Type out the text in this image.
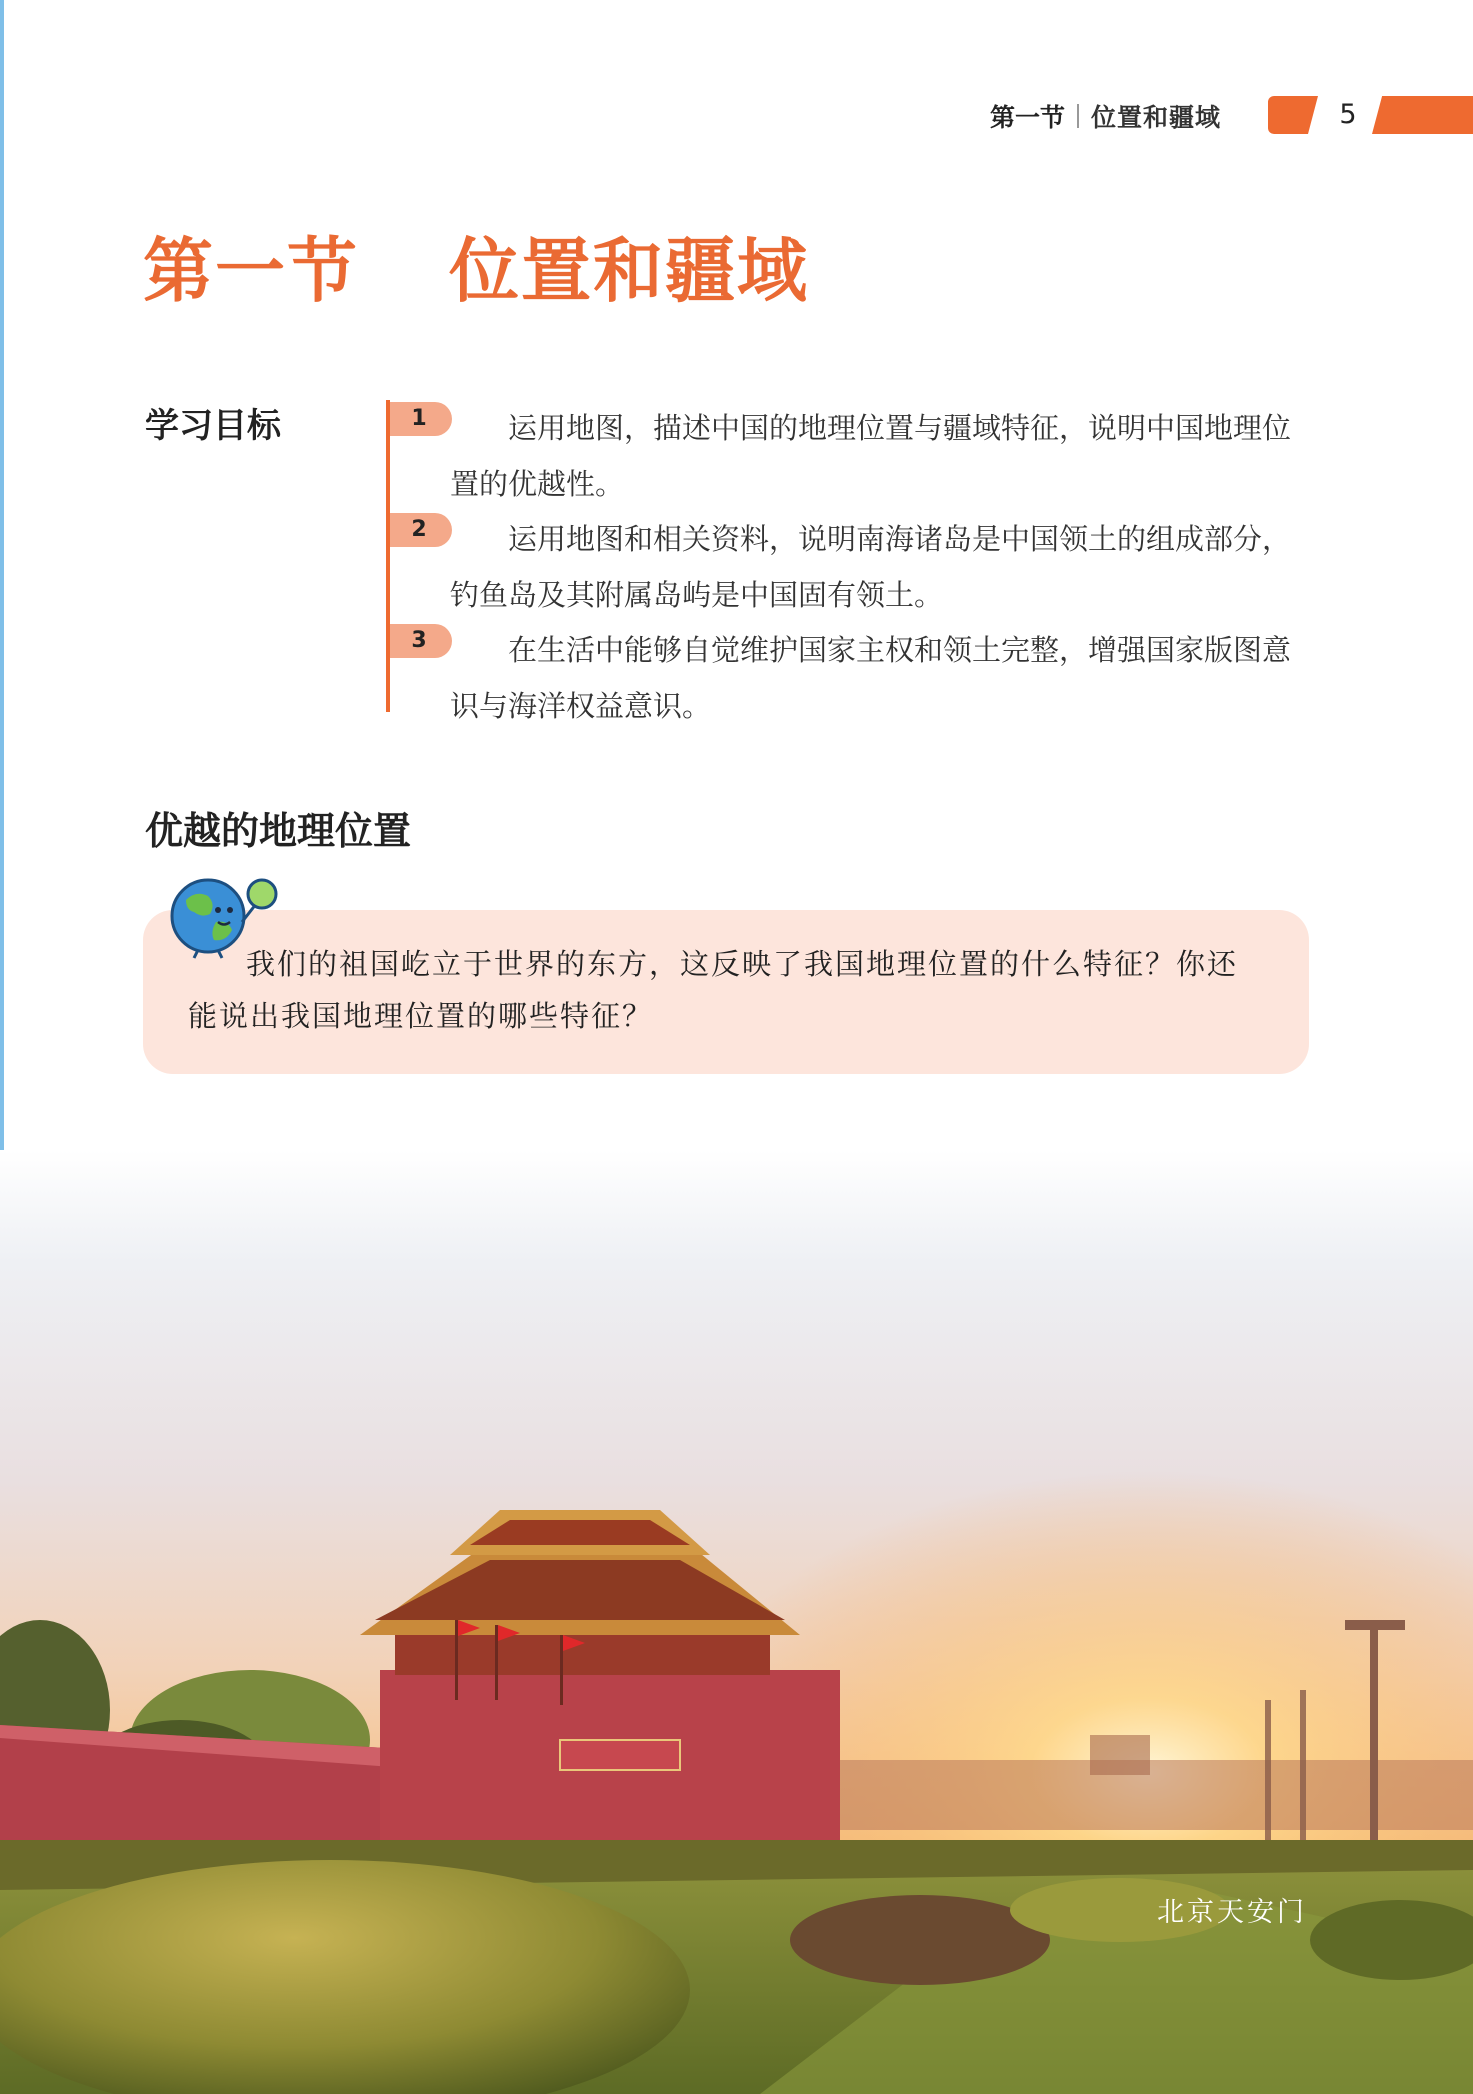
第一节 位置和疆域	5
第一节 位置和疆域
学习目标	1	运用地图，描述中国的地理位置与疆域特征，说明中国地理位置的优越性。
2	运用地图和相关资料，说明南海诸岛是中国领土的组成部分，钓鱼岛及其附属岛屿是中国固有领土。
3	在生活中能够自觉维护国家主权和领土完整，增强国家版图意识与海洋权益意识。
优越的地理位置
我们的祖国屹立于世界的东方，这反映了我国地理位置的什么特征？你还能说出我国地理位置的哪些特征？
北京天安门
